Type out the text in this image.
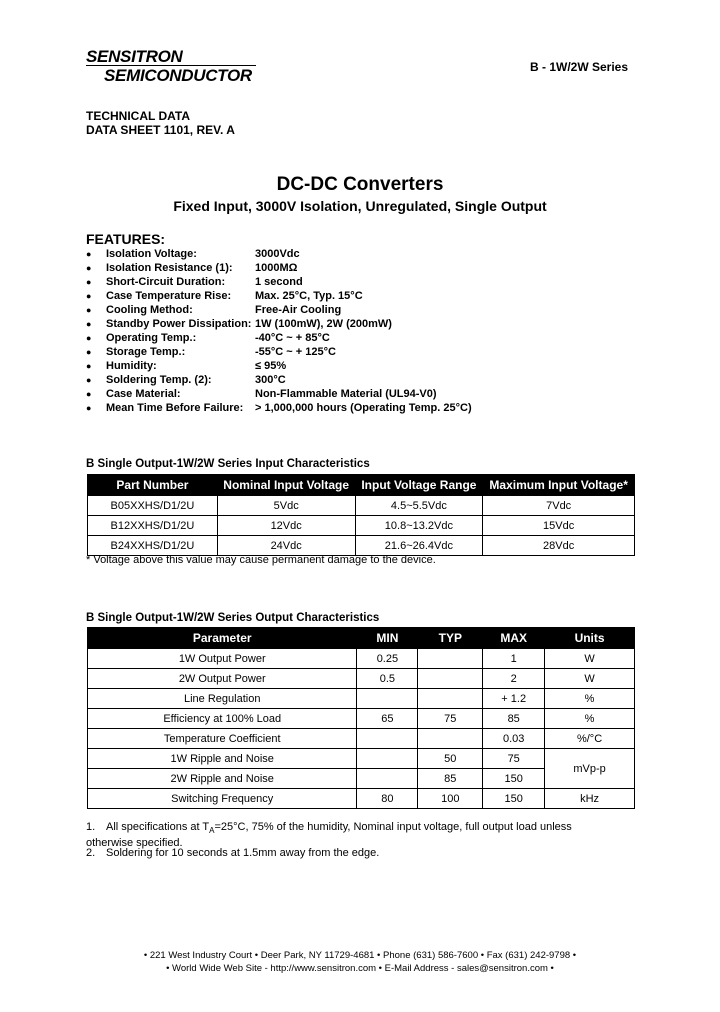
SENSITRON
SEMICONDUCTOR	B - 1W/2W Series
TECHNICAL DATA
DATA SHEET 1101, REV. A
DC-DC Converters
Fixed Input, 3000V Isolation, Unregulated, Single Output
FEATURES:
●	Isolation Voltage:	3000Vdc
●	Isolation Resistance (1):	1000MΩ
●	Short-Circuit Duration:	1 second
●	Case Temperature Rise:	Max. 25°C, Typ. 15°C
●	Cooling Method:	Free-Air Cooling
●	Standby Power Dissipation: 1W (100mW), 2W (200mW)
●	Operating Temp.:	-40°C ~ + 85°C
●	Storage Temp.:	-55°C ~ + 125°C
●	Humidity:	≤ 95%
●	Soldering Temp. (2):	300°C
●	Case Material:	Non-Flammable Material (UL94-V0)
●	Mean Time Before Failure:	> 1,000,000 hours (Operating Temp. 25°C)
B Single Output-1W/2W Series Input Characteristics
Part Number	Nominal Input Voltage	Input Voltage Range	Maximum Input Voltage*
B05XXHS/D1/2U	5Vdc	4.5~5.5Vdc	7Vdc
B12XXHS/D1/2U	12Vdc	10.8~13.2Vdc	15Vdc
B24XXHS/D1/2U	24Vdc	21.6~26.4Vdc	28Vdc
* Voltage above this value may cause permanent damage to the device.
B Single Output-1W/2W Series Output Characteristics
Parameter	MIN	TYP	MAX	Units
1W Output Power	0.25		1	W
2W Output Power	0.5		2	W
Line Regulation			+ 1.2	%
Efficiency at 100% Load	65	75	85	%
Temperature Coefficient			0.03	%/°C
1W Ripple and Noise		50	75	mVp-p
2W Ripple and Noise		85	150	
Switching Frequency	80	100	150	kHz
1. All specifications at $T_A=25^\circ C$, 75% of the humidity, Nominal input voltage, full output load unless otherwise specified.
2. Soldering for 10 seconds at 1.5mm away from the edge.
• 221 West Industry Court • Deer Park, NY 11729-4681 • Phone (631) 586-7600 • Fax (631) 242-9798 •
• World Wide Web Site - http://www.sensitron.com • E-Mail Address - sales@sensitron.com •
